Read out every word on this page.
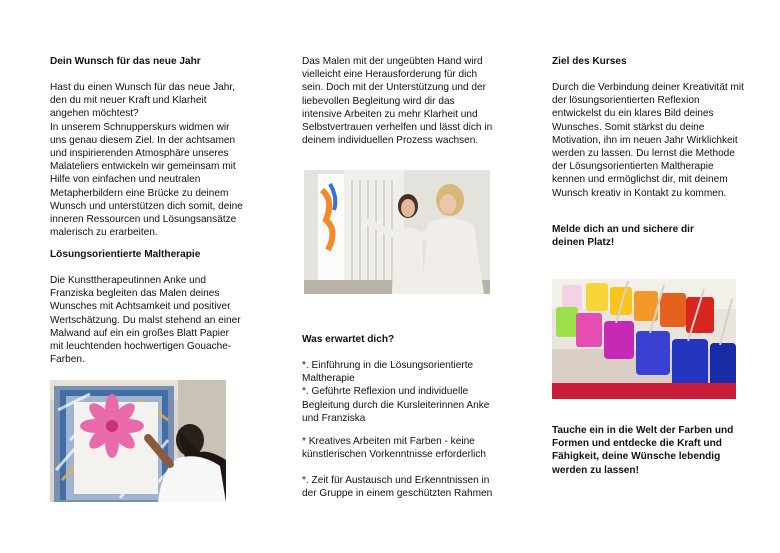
Dein Wunsch für das neue Jahr

Hast du einen Wunsch für das neue Jahr,
den du mit neuer Kraft und Klarheit
angehen möchtest?
In unserem Schnupperskurs widmen wir
uns genau diesem Ziel. In der achtsamen
und inspirierenden Atmosphäre unseres
Malateliers entwickeln wir gemeinsam mit
Hilfe von einfachen und neutralen
Metapherbildern eine Brücke zu deinem
Wunsch und unterstützen dich somit, deine
inneren Ressourcen und Lösungsansätze
malerisch zu erarbeiten.

Lösungsorientierte Maltherapie

Die Kunsttherapeutinnen Anke und
Franziska begleiten das Malen deines
Wunsches mit Achtsamkeit und positiver
Wertschätzung. Du malst stehend an einer
Malwand auf ein ein großes Blatt Papier
mit leuchtenden hochwertigen Gouache-
Farben.

Das Malen mit der ungeübten Hand wird
vielleicht eine Herausforderung für dich
sein. Doch mit der Unterstützung und der
liebevollen Begleitung wird dir das
intensive Arbeiten zu mehr Klarheit und
Selbstvertrauen verhelfen und lässt dich in
deinem individuellen Prozess wachsen.

Was erwartet dich?

*. Einführung in die Lösungsorientierte
Maltherapie
*. Geführte Reflexion und individuelle
Begleitung durch die Kursleiterinnen Anke
und Franziska

* Kreatives Arbeiten mit Farben - keine
künstlerischen Vorkenntnisse erforderlich

*. Zeit für Austausch und Erkenntnissen in
der Gruppe in einem geschützten Rahmen

Ziel des Kurses

Durch die Verbindung deiner Kreativität mit
der lösungsorientierten Reflexion
entwickelst du ein klares Bild deines
Wunsches. Somit stärkst du deine
Motivation, ihn im neuen Jahr Wirklichkeit
werden zu lassen. Du lernst die Methode
der Lösungsorientierten Maltherapie
kennen und ermöglichst dir, mit deinem
Wunsch kreativ in Kontakt zu kommen.

Melde dich an und sichere dir
deinen Platz!

Tauche ein in die Welt der Farben und
Formen und entdecke die Kraft und
Fähigkeit, deine Wünsche lebendig
werden zu lassen!
